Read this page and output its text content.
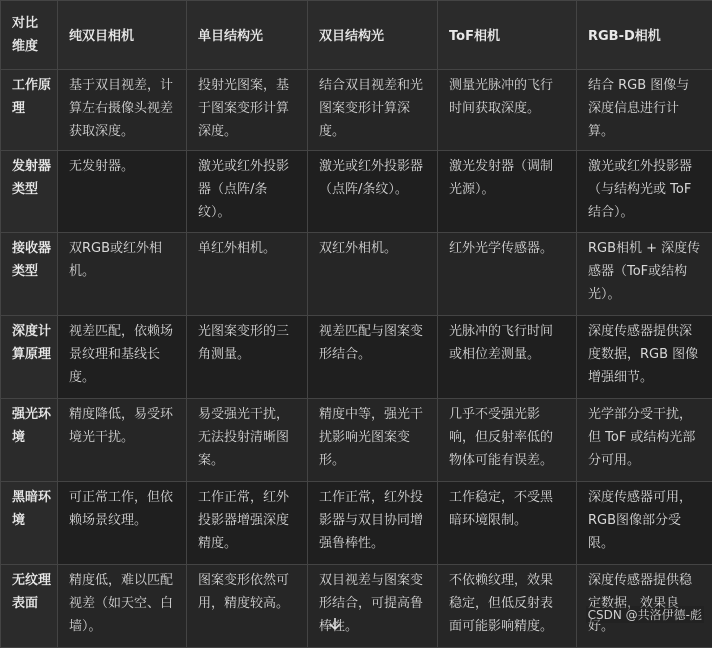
对比维度	纯双目相机	单目结构光	双目结构光	ToF相机	RGB-D相机
工作原理	基于双目视差，计算左右摄像头视差获取深度。	投射光图案，基于图案变形计算深度。	结合双目视差和光图案变形计算深度。	测量光脉冲的飞行时间获取深度。	结合 RGB 图像与深度信息进行计算。
发射器类型	无发射器。	激光或红外投影器（点阵/条纹）。	激光或红外投影器（点阵/条纹）。	激光发射器（调制光源）。	激光或红外投影器（与结构光或 ToF 结合）。
接收器类型	双RGB或红外相机。	单红外相机。	双红外相机。	红外光学传感器。	RGB相机 + 深度传感器（ToF或结构光）。
深度计算原理	视差匹配，依赖场景纹理和基线长度。	光图案变形的三角测量。	视差匹配与图案变形结合。	光脉冲的飞行时间或相位差测量。	深度传感器提供深度数据，RGB 图像增强细节。
强光环境	精度降低，易受环境光干扰。	易受强光干扰，无法投射清晰图案。	精度中等，强光干扰影响光图案变形。	几乎不受强光影响，但反射率低的物体可能有误差。	光学部分受干扰，但 ToF 或结构光部分可用。
黑暗环境	可正常工作，但依赖场景纹理。	工作正常，红外投影器增强深度精度。	工作正常，红外投影器与双目协同增强鲁棒性。	工作稳定，不受黑暗环境限制。	深度传感器可用，RGB图像部分受限。
无纹理表面	精度低，难以匹配视差（如天空、白墙）。	图案变形依然可用，精度较高。	双目视差与图案变形结合，可提高鲁棒性。	不依赖纹理，效果稳定，但低反射表面可能影响精度。	深度传感器提供稳定数据，效果良好。
CSDN @共洛伊德-彪
